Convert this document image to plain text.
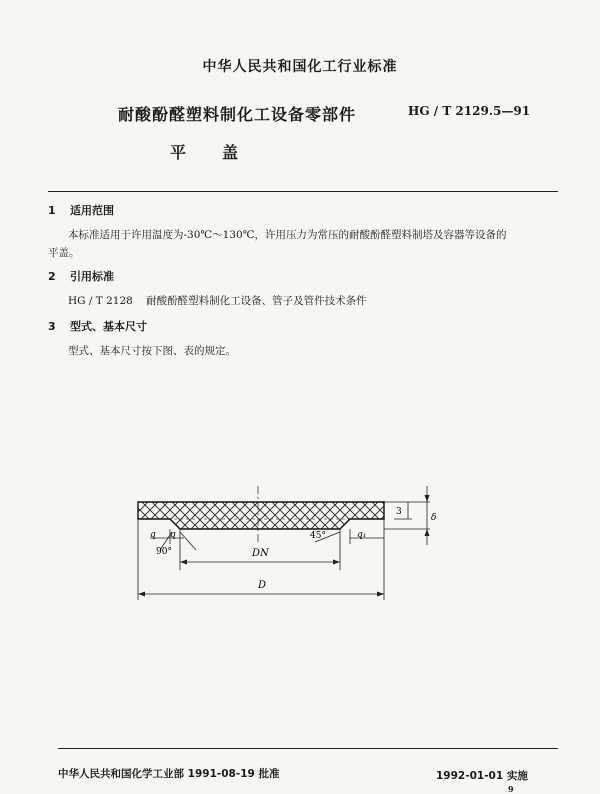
中华人民共和国化工行业标准
耐酸酚醛塑料制化工设备零部件	HG / T 2129.5—91
平盖
1 适用范围
本标准适用于许用温度为-30℃～130℃，许用压力为常压的耐酸酚醛塑料制塔及容器等设备的
平盖。
2 引用标准
HG / T 2128    耐酸酚醛塑料制化工设备、管子及管件技术条件
3 型式、基本尺寸
型式、基本尺寸按下图、表的规定。
DN
D
45°
90°
q q	q₁
3
δ
中华人民共和国化学工业部 1991-08-19 批准	1992-01-01 实施
9
